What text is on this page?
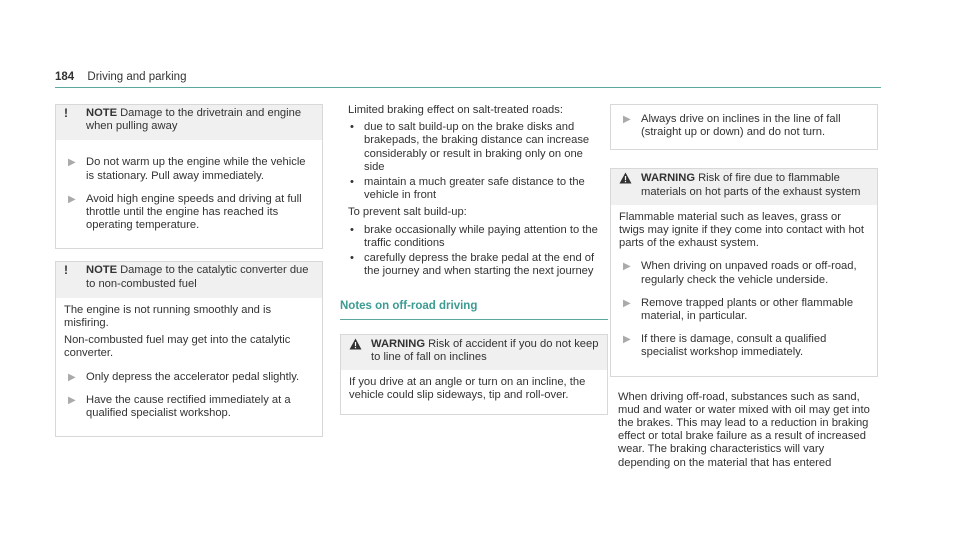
184 Driving and parking
!	NOTE Damage to the drivetrain and engine when pulling away
▶ Do not warm up the engine while the vehicle is stationary. Pull away immediately.
▶ Avoid high engine speeds and driving at full throttle until the engine has reached its operating temperature.
!	NOTE Damage to the catalytic converter due to non-combusted fuel

The engine is not running smoothly and is misfiring.

Non-combusted fuel may get into the catalytic converter.

▶ Only depress the accelerator pedal slightly.
▶ Have the cause rectified immediately at a qualified specialist workshop.

Limited braking effect on salt-treated roads:

• due to salt build-up on the brake disks and brakepads, the braking distance can increase considerably or result in braking only on one side
• maintain a much greater safe distance to the vehicle in front

To prevent salt build-up:

• brake occasionally while paying attention to the traffic conditions
• carefully depress the brake pedal at the end of the journey and when starting the next journey
Notes on off-road driving
WARNING Risk of accident if you do not keep to line of fall on inclines

If you drive at an angle or turn on an incline, the vehicle could slip sideways, tip and roll-over.

▶ Always drive on inclines in the line of fall (straight up or down) and do not turn.
WARNING Risk of fire due to flammable materials on hot parts of the exhaust system

Flammable material such as leaves, grass or twigs may ignite if they come into contact with hot parts of the exhaust system.

▶ When driving on unpaved roads or off-road, regularly check the vehicle underside.
▶ Remove trapped plants or other flammable material, in particular.
▶ If there is damage, consult a qualified specialist workshop immediately.

When driving off-road, substances such as sand, mud and water or water mixed with oil may get into the brakes. This may lead to a reduction in braking effect or total brake failure as a result of increased wear. The braking characteristics will vary depending on the material that has entered
